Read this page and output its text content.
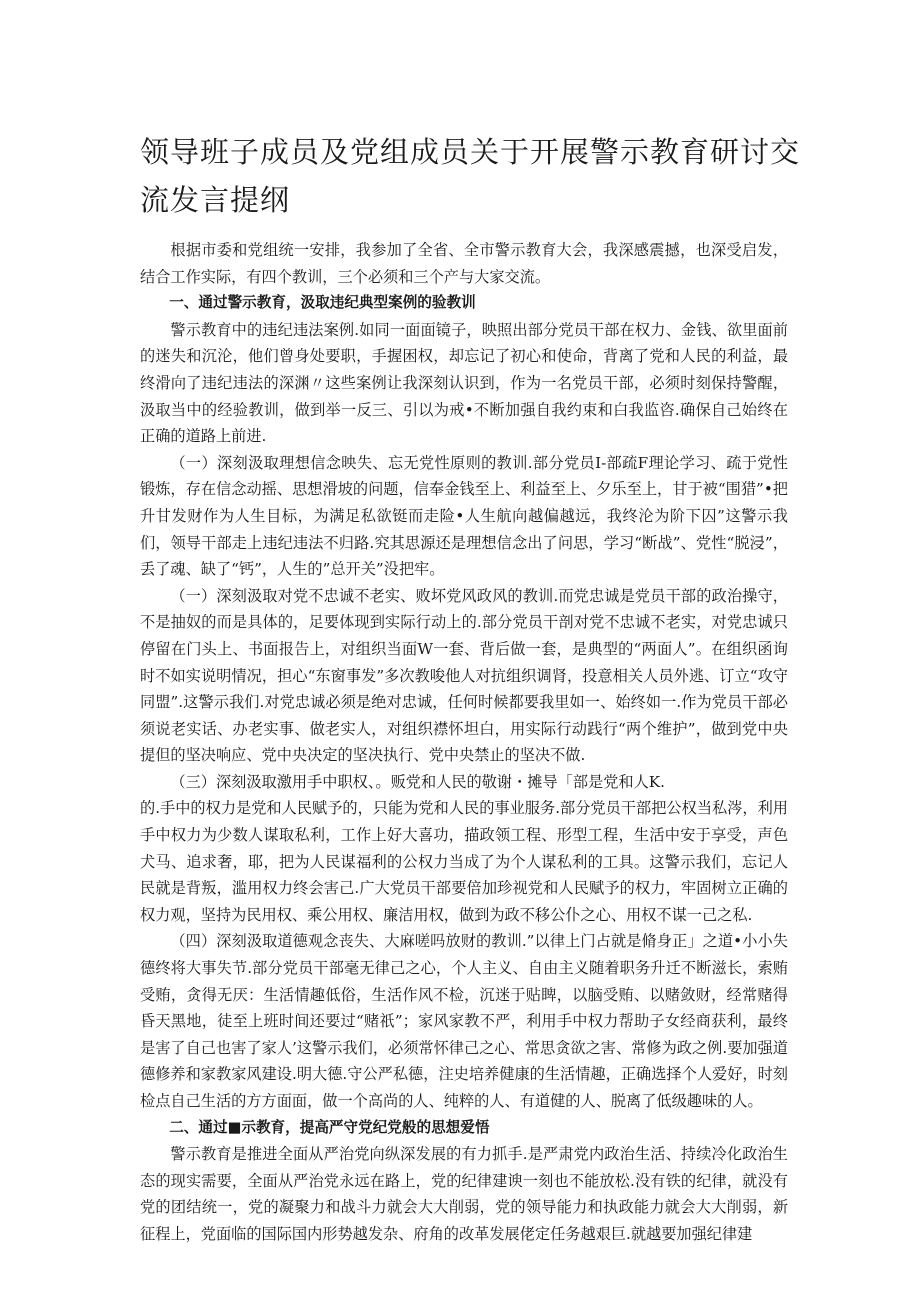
领导班子成员及党组成员关于开展警示教育研讨交流发言提纲

根据市委和党组统一安排，我参加了全省、全市警示教育大会，我深感震撼，也深受启发，结合工作实际，有四个教训，三个必须和三个产与大家交流。

一、通过警示教育，汲取违纪典型案例的验教训

警示教育中的违纪违法案例.如同一面面镜子，映照出部分党员干部在权力、金钱、欲里面前的迷失和沉沦，他们曾身处要职，手握困权，却忘记了初心和使命，背离了党和人民的利益，最终滑向了违纪违法的深渊〃这些案例让我深刻认识到，作为一名党员干部，必须时刻保持警醒，汲取当中的经验教训，做到举一反三、引以为戒•不断加强自我约束和白我监咨.确保自己始终在正确的道路上前进.

（一）深刻汲取理想信念映失、忘无党性原则的教训.部分党员I-部疏F理论学习、疏于党性锻炼，存在信念动摇、思想滑坡的问题，信奉金钱至上、利益至上、夕乐至上，甘于被“围猎”•把升甘发财作为人生目标，为满足私欲铤而走险•人生航向越偏越远，我终沦为阶下囚”这警示我们，领导干部走上违纪违法不归路.究其思源还是理想信念出了问思，学习“断战”、党性“脱浸”，丢了魂、缺了“钙”，人生的”总开关”没把牢。

（一）深刻汲取对党不忠诚不老实、败坏党风政风的教训.而党忠诚是党员干部的政治操守，不是抽奴的而是具体的，足要体现到实际行动上的.部分党员干剖对党不忠诚不老实，对党忠诚只停留在门头上、书面报告上，对组织当面W一套、背后做一套，是典型的“两面人”。在组织函询时不如实说明情况，担心“东窗事发”多次教唆他人对抗组织调肾，投意相关人员外逃、订立“攻守同盟”.这警示我们.对党忠诚必须是绝对忠诚，任何时候都要我里如一、始终如一.作为党员干部必须说老实话、办老实事、做老实人，对组织襟怀坦白，用实际行动践行“两个维护”，做到党中央提但的坚决响应、党中央决定的坚决执行、党中央禁止的坚决不做.

（三）深刻汲取激用手中职权、。贩党和人民的敬谢・摊导「部是党和人K.

的.手中的权力是党和人民赋予的，只能为党和人民的事业服务.部分党员干部把公权当私涔，利用手中权力为少数人谋取私利，工作上好大喜功，描政领工程、形型工程，生活中安于享受，声色犬马、追求奢，耶，把为人民谋福利的公权力当成了为个人谋私利的工具。这警示我们，忘记人民就是背叛，滥用权力终会害己.广大党员干部要倍加珍视党和人民赋予的权力，牢固树立正确的权力观，坚持为民用权、乘公用权、廉洁用权，做到为政不移公仆之心、用权不谋一己之私.

（四）深刻汲取道德观念丧失、大麻嗟吗放财的教训.”以律上门占就是脩身正」之道•小小失德终将大事失节.部分党员干部毫无律己之心，个人主义、自由主义随着职务升迁不断滋长，索贿受贿，贪得无厌：生活情趣低俗，生活作风不检，沉迷于贴睥，以脑受贿、以赌敛财，经常赌得昏天黑地，徒至上班时间还要过“赌祇”；家风家教不严，利用手中权力帮助子女经商获利，最终是害了自己也害了家人’这警示我们，必须常怀律己之心、常思贪欲之害、常修为政之例.要加强道德修养和家教家风建设.明大德.守公严私德，注史培养健康的生活情趣，正确选择个人爱好，时刻检点自己生活的方方面面，做一个高尚的人、纯粹的人、有道健的人、脱离了低级趣味的人。

二、通过■示教育，提高严守党纪党般的思想爱悟

警示教育是推进全面从严治党向纵深发展的有力抓手.是严肃党内政治生活、持续冷化政治生态的现实需要，全面从严治党永远在路上，党的纪律建谀一刻也不能放松.没有铁的纪律，就没有党的团结统一，党的凝聚力和战斗力就会大大削弱，党的领导能力和执政能力就会大大削弱，新征程上，党面临的国际国内形势越发杂、府角的改革发展佬定任务越艰巨.就越要加强纪律建
